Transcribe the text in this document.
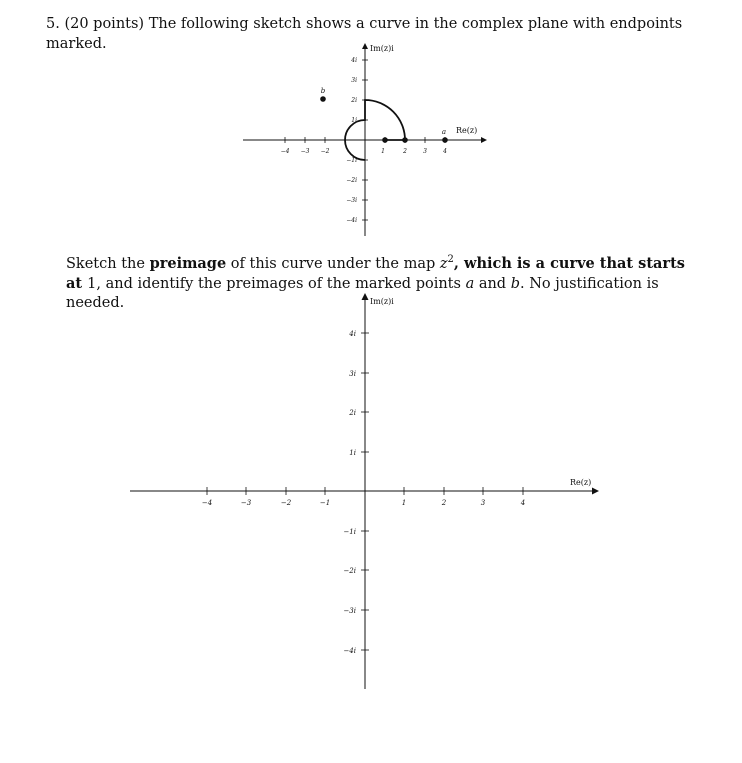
5. (20 points) The following sketch shows a curve in the complex plane with endpoints marked.

4i
3i
2i
1i
−1i
−2i
−3i
−4i
−4 −3 −2	1	2	3	4
Im(z)i
Re(z)
a
b

Sketch the preimage of this curve under the map $z^2$, which is a curve that starts at 1, and identify the preimages of the marked points a and b. No justification is needed.

4i
3i
2i
1i
−1i
−2i
−3i
−4i
−4	−3	−2	−1	1	2	3	4
Im(z)i
Re(z)
